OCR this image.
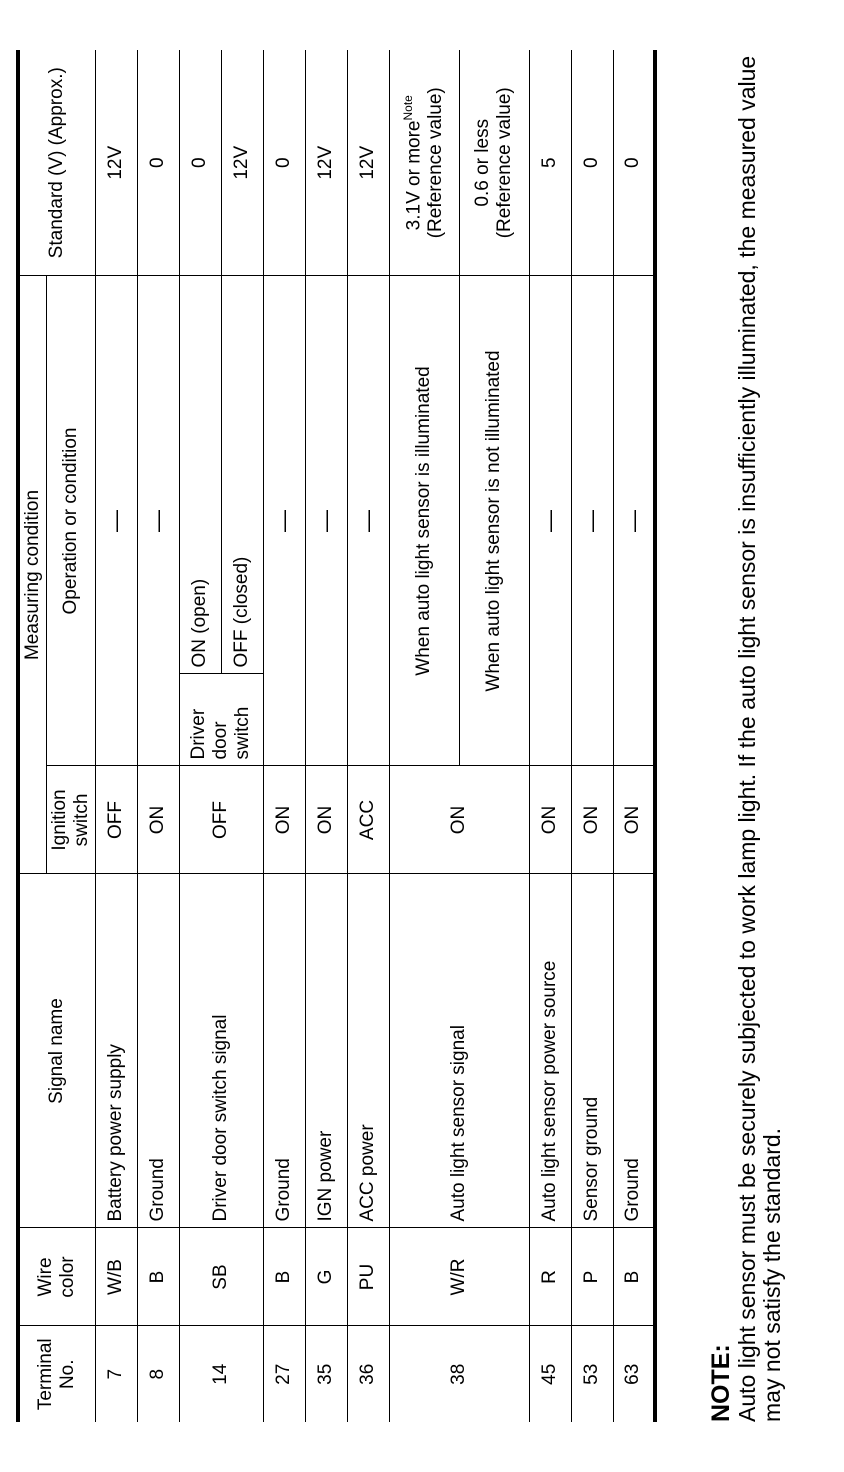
Terminal No.	Wire color	Signal name	Measuring condition			Standard (V) (Approx.)
			Ignition switch	Operation or condition		
7	W/B	Battery power supply	OFF	—		12V
8	B	Ground	ON	—		0
14	SB	Driver door switch signal	OFF	Driver door switch	ON (open)	0
					OFF (closed)	12V
27	B	Ground	ON	—		0
35	G	IGN power	ON	—		12V
36	PU	ACC power	ACC	—		12V
38	W/R	Auto light sensor signal	ON	When auto light sensor is illuminated		3.1V or more$^{Note}$ (Reference value)
				When auto light sensor is not illuminated		0.6 or less
(Reference value)
45	R	Auto light sensor power source	ON	—		5
53	P	Sensor ground	ON	—		0
63	B	Ground	ON	—		0
NOTE: Auto light sensor must be securely subjected to work lamp light. If the auto light sensor is insufficiently illuminated, the measured value may not satisfy the standard.
